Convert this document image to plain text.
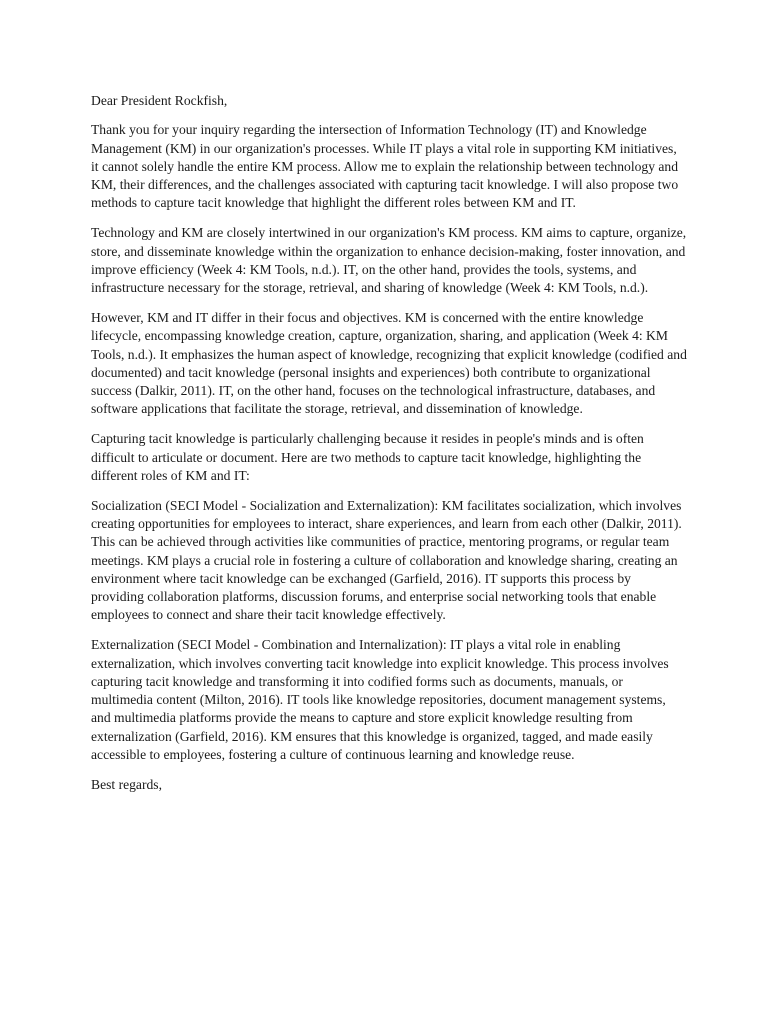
Dear President Rockfish,

Thank you for your inquiry regarding the intersection of Information Technology (IT) and Knowledge Management (KM) in our organization's processes. While IT plays a vital role in supporting KM initiatives, it cannot solely handle the entire KM process. Allow me to explain the relationship between technology and KM, their differences, and the challenges associated with capturing tacit knowledge. I will also propose two methods to capture tacit knowledge that highlight the different roles between KM and IT.

Technology and KM are closely intertwined in our organization's KM process. KM aims to capture, organize, store, and disseminate knowledge within the organization to enhance decision-making, foster innovation, and improve efficiency (Week 4: KM Tools, n.d.). IT, on the other hand, provides the tools, systems, and infrastructure necessary for the storage, retrieval, and sharing of knowledge (Week 4: KM Tools, n.d.).

However, KM and IT differ in their focus and objectives. KM is concerned with the entire knowledge lifecycle, encompassing knowledge creation, capture, organization, sharing, and application (Week 4: KM Tools, n.d.). It emphasizes the human aspect of knowledge, recognizing that explicit knowledge (codified and documented) and tacit knowledge (personal insights and experiences) both contribute to organizational success (Dalkir, 2011). IT, on the other hand, focuses on the technological infrastructure, databases, and software applications that facilitate the storage, retrieval, and dissemination of knowledge.

Capturing tacit knowledge is particularly challenging because it resides in people's minds and is often difficult to articulate or document. Here are two methods to capture tacit knowledge, highlighting the different roles of KM and IT:

Socialization (SECI Model - Socialization and Externalization): KM facilitates socialization, which involves creating opportunities for employees to interact, share experiences, and learn from each other (Dalkir, 2011). This can be achieved through activities like communities of practice, mentoring programs, or regular team meetings. KM plays a crucial role in fostering a culture of collaboration and knowledge sharing, creating an environment where tacit knowledge can be exchanged (Garfield, 2016). IT supports this process by providing collaboration platforms, discussion forums, and enterprise social networking tools that enable employees to connect and share their tacit knowledge effectively.

Externalization (SECI Model - Combination and Internalization): IT plays a vital role in enabling externalization, which involves converting tacit knowledge into explicit knowledge. This process involves capturing tacit knowledge and transforming it into codified forms such as documents, manuals, or multimedia content (Milton, 2016). IT tools like knowledge repositories, document management systems, and multimedia platforms provide the means to capture and store explicit knowledge resulting from externalization (Garfield, 2016). KM ensures that this knowledge is organized, tagged, and made easily accessible to employees, fostering a culture of continuous learning and knowledge reuse.

Best regards,
